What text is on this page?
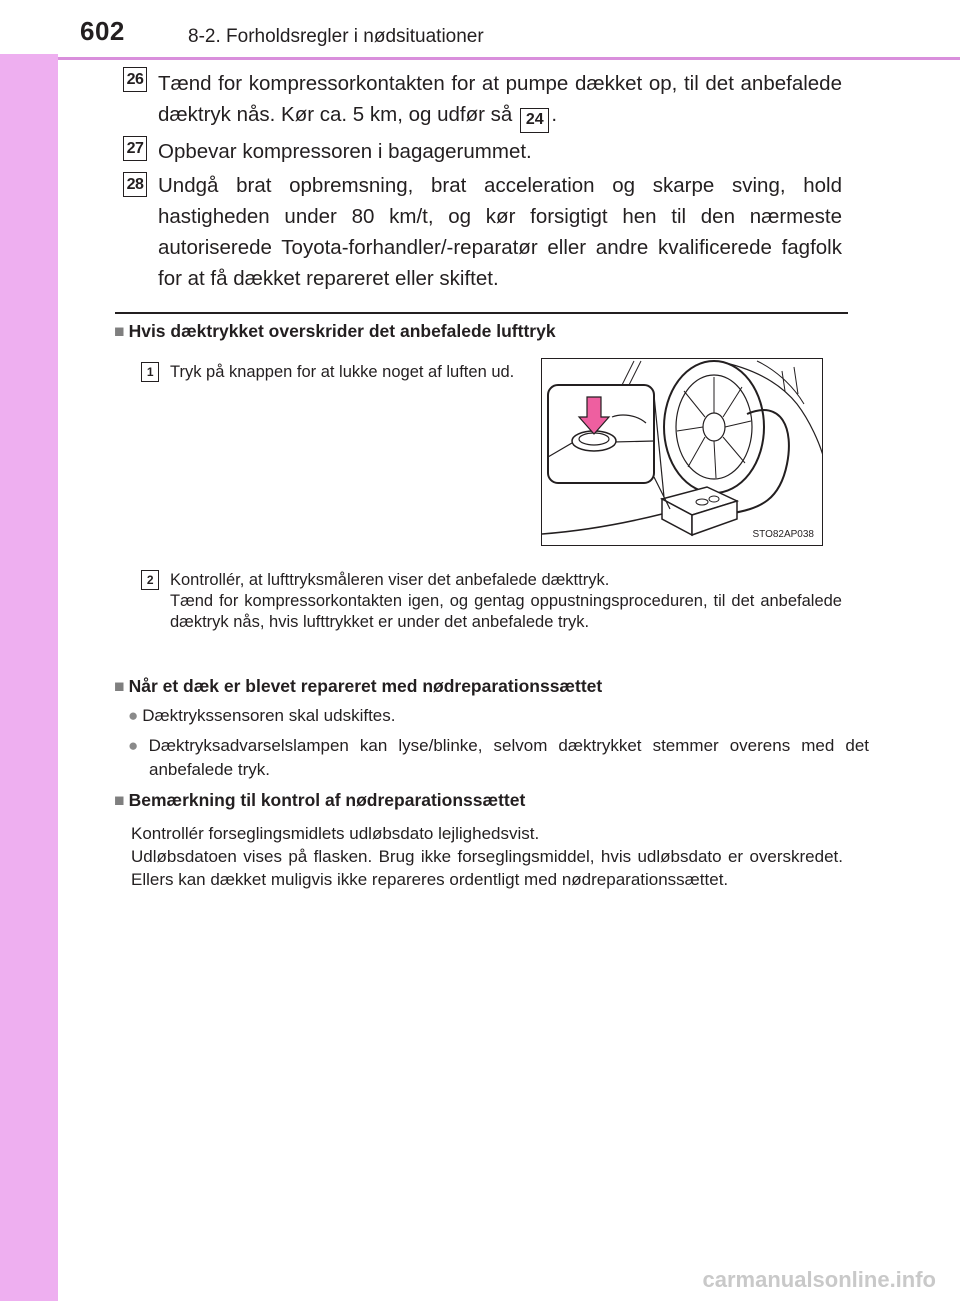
602	8-2. Forholdsregler i nødsituationer
26 Tænd for kompressorkontakten for at pumpe dækket op, til det anbefalede dæktryk nås. Kør ca. 5 km, og udfør så 24 .
27 Opbevar kompressoren i bagagerummet.
28 Undgå brat opbremsning, brat acceleration og skarpe sving, hold hastigheden under 80 km/t, og kør forsigtigt hen til den nærmeste autoriserede Toyota-forhandler/-reparatør eller andre kvalificerede fagfolk for at få dækket repareret eller skiftet.
■ Hvis dæktrykket overskrider det anbefalede lufttryk
1	Tryk på knappen for at lukke noget af luften ud.
STO82AP038
2	Kontrollér, at lufttryksmåleren viser det anbefalede dækttryk.
Tænd for kompressorkontakten igen, og gentag oppustningsproceduren, til det anbefalede dæktryk nås, hvis lufttrykket er under det anbefalede tryk.
■ Når et dæk er blevet repareret med nødreparationssættet
● Dæktrykssensoren skal udskiftes.
● Dæktryksadvarselslampen kan lyse/blinke, selvom dæktrykket stemmer overens med det anbefalede tryk.
■ Bemærkning til kontrol af nødreparationssættet
Kontrollér forseglingsmidlets udløbsdato lejlighedsvist.
Udløbsdatoen vises på flasken. Brug ikke forseglingsmiddel, hvis udløbsdato er overskredet. Ellers kan dækket muligvis ikke repareres ordentligt med nødreparationssættet.
carmanualsonline.info
